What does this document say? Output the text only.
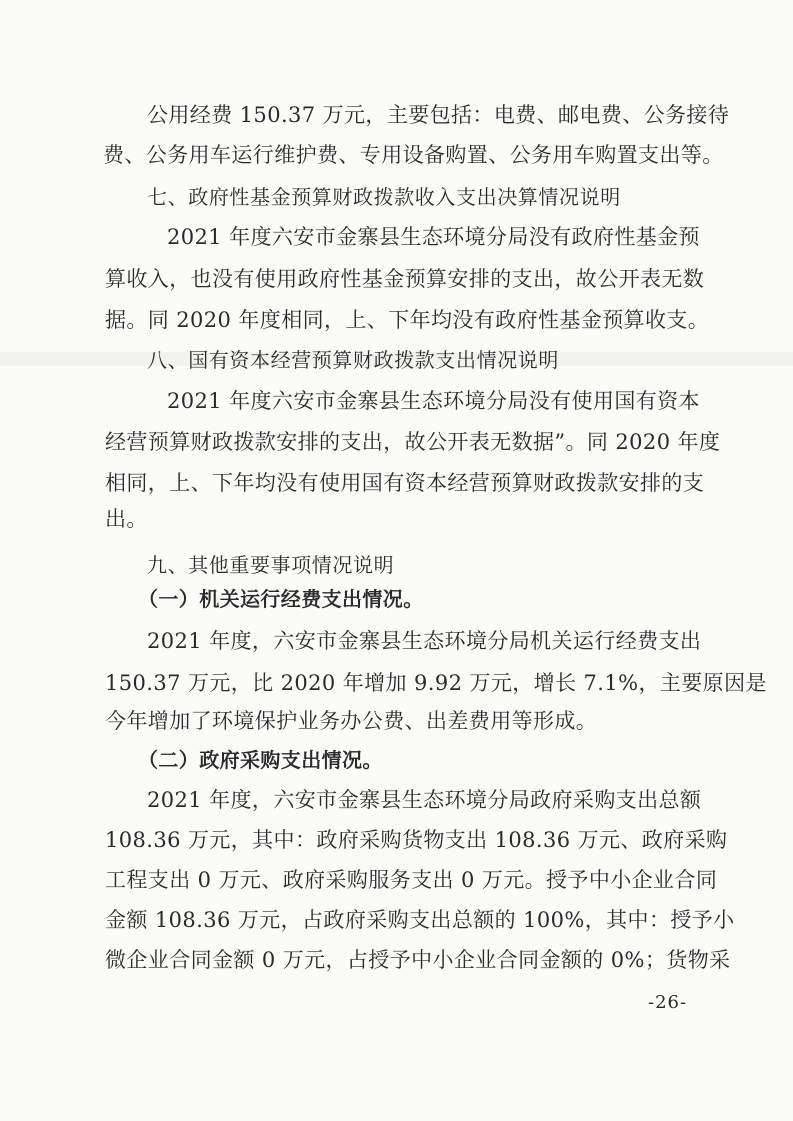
公用经费 150.37 万元，主要包括：电费、邮电费、公务接待
费、公务用车运行维护费、专用设备购置、公务用车购置支出等。
七、政府性基金预算财政拨款收入支出决算情况说明
2021 年度六安市金寨县生态环境分局没有政府性基金预
算收入，也没有使用政府性基金预算安排的支出，故公开表无数
据。同 2020 年度相同，上、下年均没有政府性基金预算收支。
八、国有资本经营预算财政拨款支出情况说明
2021 年度六安市金寨县生态环境分局没有使用国有资本
经营预算财政拨款安排的支出，故公开表无数据”。同 2020 年度
相同，上、下年均没有使用国有资本经营预算财政拨款安排的支
出。
九、其他重要事项情况说明
（一）机关运行经费支出情况。
2021 年度，六安市金寨县生态环境分局机关运行经费支出
150.37 万元，比 2020 年增加 9.92 万元，增长 7.1%，主要原因是
今年增加了环境保护业务办公费、出差费用等形成。
（二）政府采购支出情况。
2021 年度，六安市金寨县生态环境分局政府采购支出总额
108.36 万元，其中：政府采购货物支出 108.36 万元、政府采购
工程支出 0 万元、政府采购服务支出 0 万元。授予中小企业合同
金额 108.36 万元，占政府采购支出总额的 100%，其中：授予小
微企业合同金额 0 万元，占授予中小企业合同金额的 0%；货物采
-26-
